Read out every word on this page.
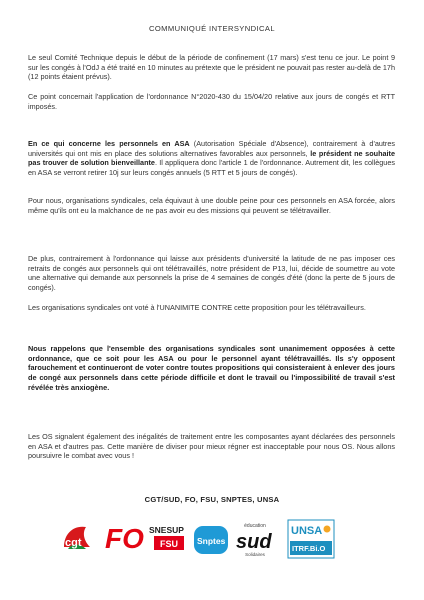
COMMUNIQUÉ INTERSYNDICAL

Le seul Comité Technique depuis le début de la période de confinement (17 mars) s'est tenu ce jour. Le point 9 sur les congés à l'OdJ a été traité en 10 minutes au prétexte que le président ne pouvait pas rester au-delà de 17h (12 points étaient prévus).

Ce point concernait l'application de l'ordonnance N°2020-430 du 15/04/20 relative aux jours de congés et RTT imposés.

En ce qui concerne les personnels en ASA (Autorisation Spéciale d'Absence), contrairement à d'autres universités qui ont mis en place des solutions alternatives favorables aux personnels, le président ne souhaite pas trouver de solution bienveillante. Il appliquera donc l'article 1 de l'ordonnance. Autrement dit, les collègues en ASA se verront retirer 10j sur leurs congés annuels (5 RTT et 5 jours de congés).

Pour nous, organisations syndicales, cela équivaut à une double peine pour ces personnels en ASA forcée, alors même qu'ils ont eu la malchance de ne pas avoir eu des missions qui peuvent se télétravailler.

De plus, contrairement à l'ordonnance qui laisse aux présidents d'université la latitude de ne pas imposer ces retraits de congés aux personnels qui ont télétravaillés, notre président de P13, lui, décide de soumettre au vote une alternative qui demande aux personnels la prise de 4 semaines de congés d'été (donc la perte de 5 jours de congés).

Les organisations syndicales ont voté à l'UNANIMITE CONTRE cette proposition pour les télétravailleurs.

Nous rappelons que l'ensemble des organisations syndicales sont unanimement opposées à cette ordonnance, que ce soit pour les ASA ou pour le personnel ayant télétravaillés. Ils s'y opposent farouchement et continueront de voter contre toutes propositions qui consisteraient à enlever des jours de congé aux personnels dans cette période difficile et dont le travail ou l'impossibilité de travail s'est révélée très anxiogène.

Les OS signalent également des inégalités de traitement entre les composantes ayant déclarées des personnels en ASA et d'autres pas. Cette manière de diviser pour mieux régner est inacceptable pour nous OS. Nous allons poursuivre le combat avec vous !

CGT/SUD, FO, FSU, SNPTES, UNSA
cgt FO SNESUP
FSU Snptes
éducation
sud
Solidaires
UNSA
ITRF.Bi.O
